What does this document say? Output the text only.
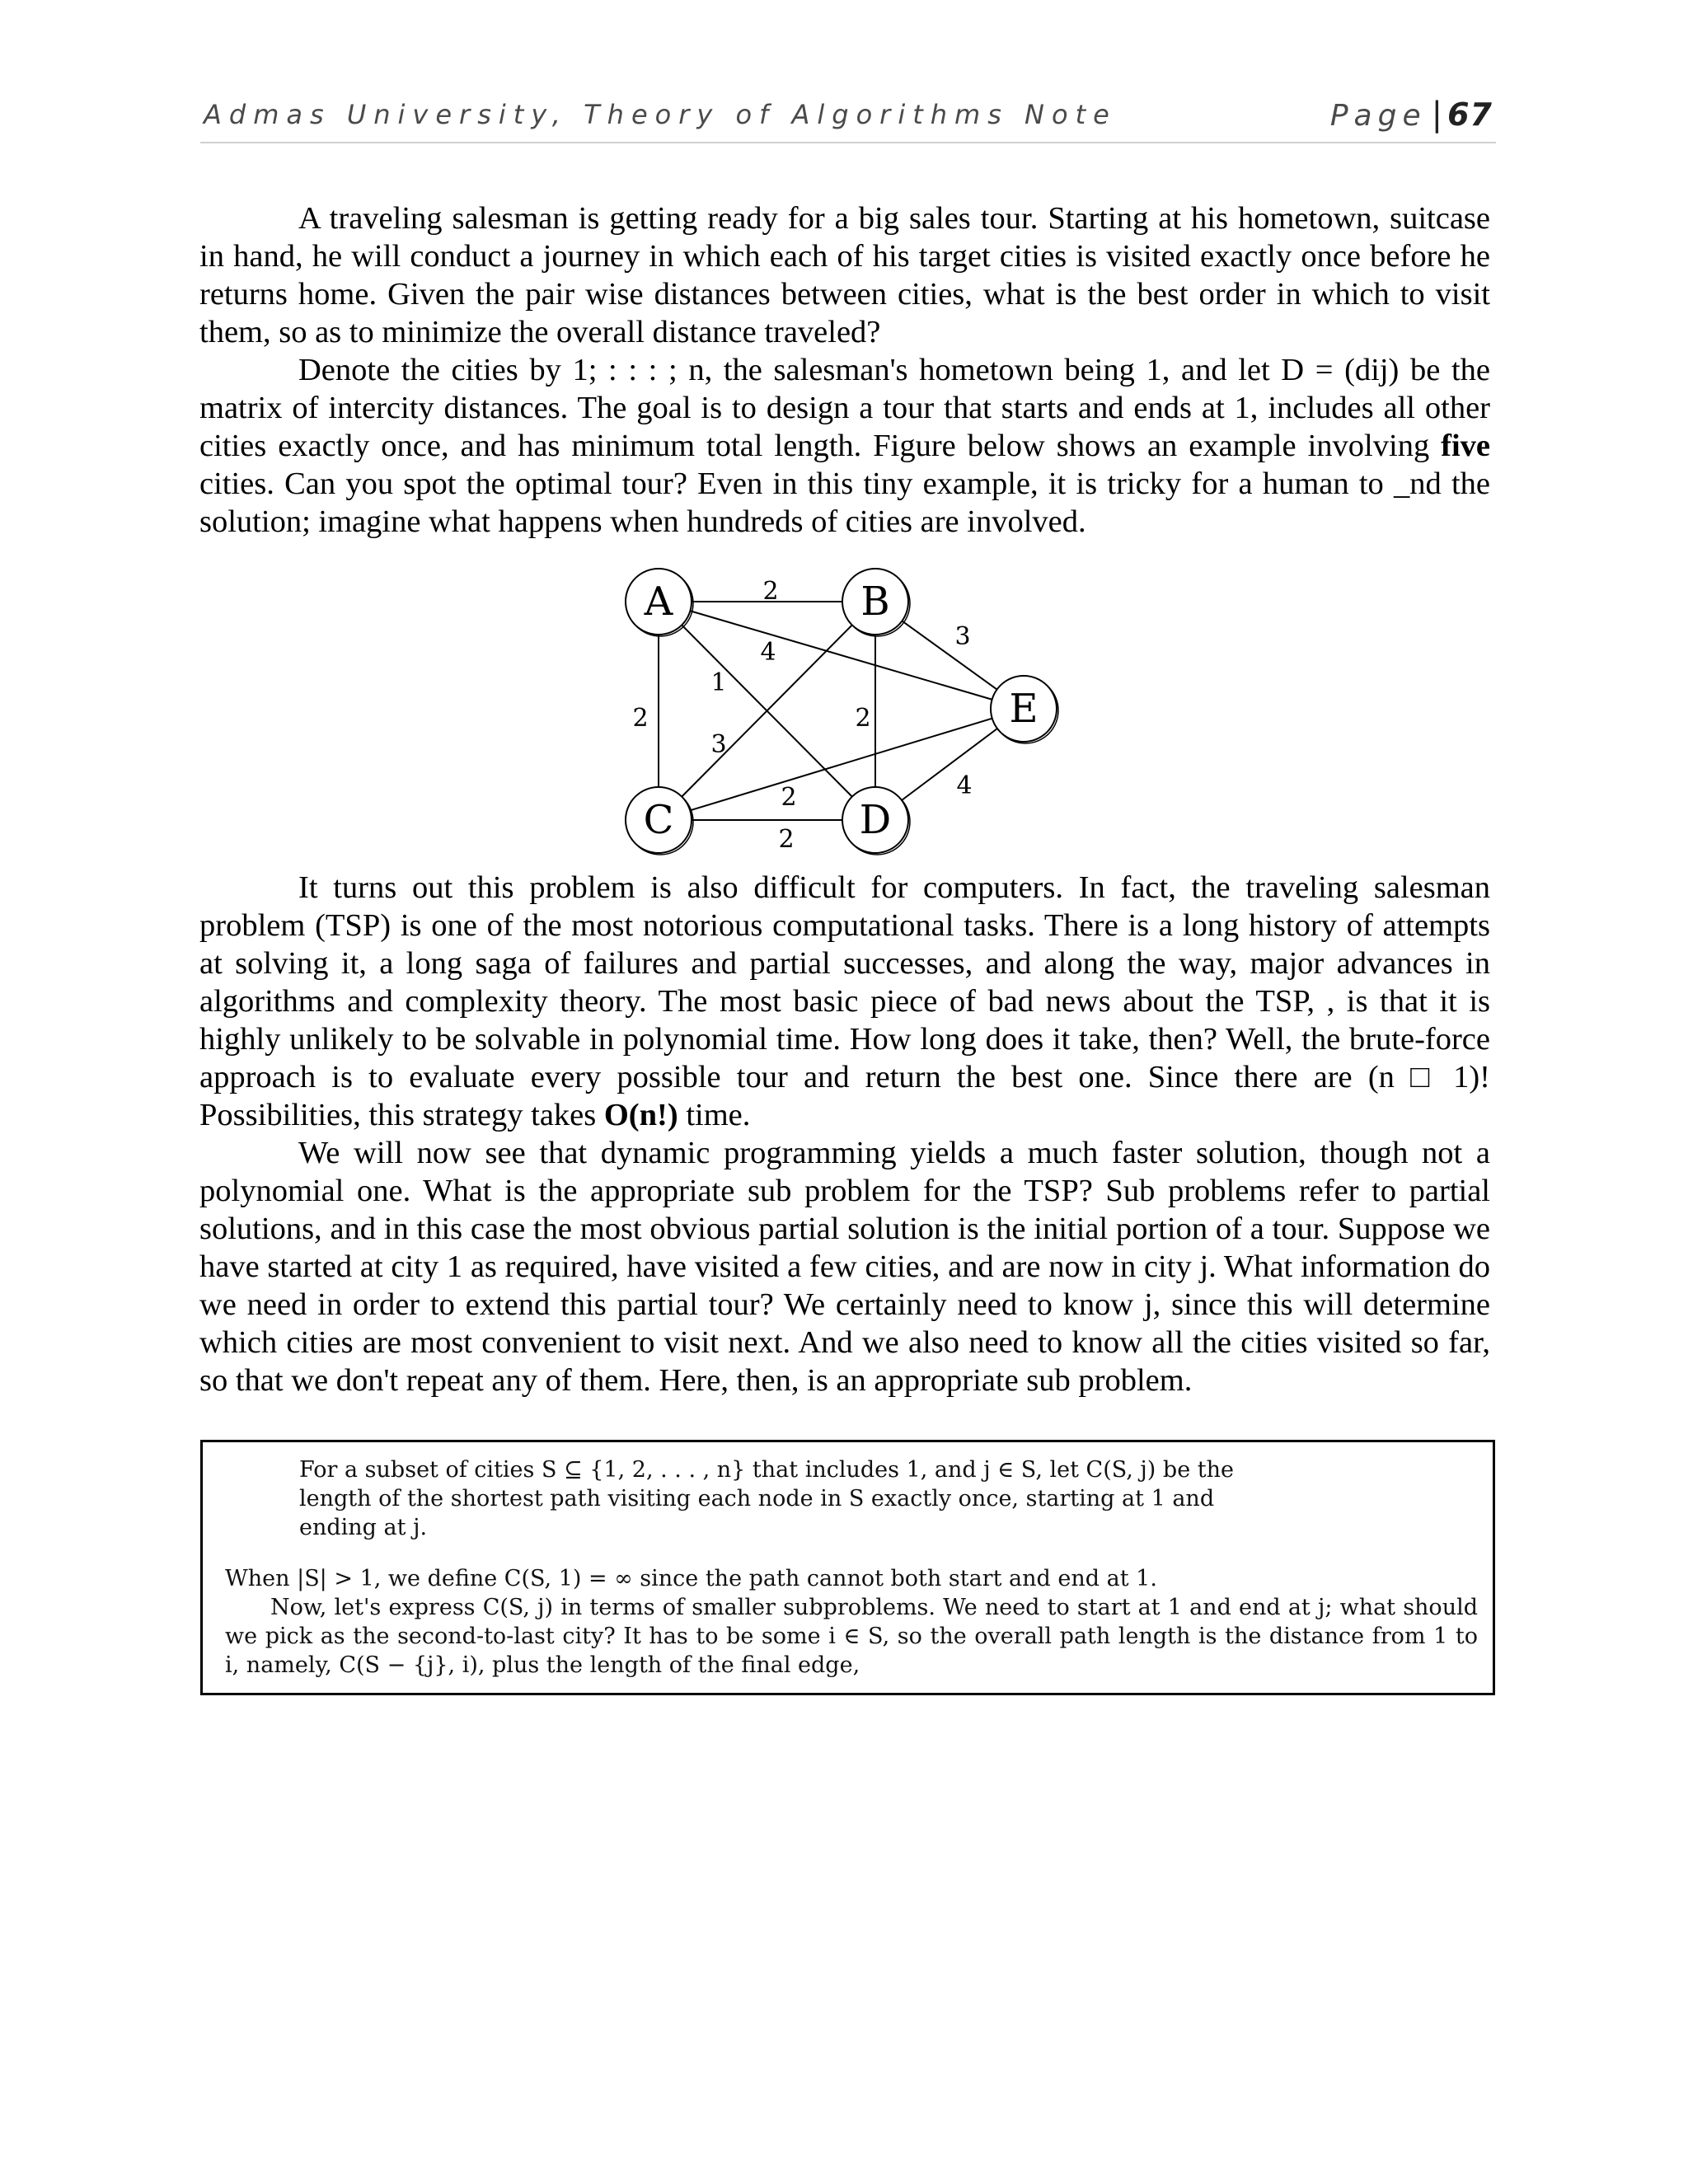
Admas University, Theory of Algorithms Note	Page | 67

A traveling salesman is getting ready for a big sales tour. Starting at his hometown, suitcase in hand, he will conduct a journey in which each of his target cities is visited exactly once before he returns home. Given the pair wise distances between cities, what is the best order in which to visit them, so as to minimize the overall distance traveled?

Denote the cities by 1; : : : ; n, the salesman's hometown being 1, and let D = (dij) be the matrix of intercity distances. The goal is to design a tour that starts and ends at 1, includes all other cities exactly once, and has minimum total length. Figure below shows an example involving five cities. Can you spot the optimal tour? Even in this tiny example, it is tricky for a human to _nd the solution; imagine what happens when hundreds of cities are involved.

2
2
1
4
3
2
3
2
2	4
A	B
C	D
E

It turns out this problem is also difficult for computers. In fact, the traveling salesman problem (TSP) is one of the most notorious computational tasks. There is a long history of attempts at solving it, a long saga of failures and partial successes, and along the way, major advances in algorithms and complexity theory. The most basic piece of bad news about the TSP, , is that it is highly unlikely to be solvable in polynomial time. How long does it take, then? Well, the brute-force approach is to evaluate every possible tour and return the best one. Since there are (n □ 1)! Possibilities, this strategy takes O(n!) time.

We will now see that dynamic programming yields a much faster solution, though not a polynomial one. What is the appropriate sub problem for the TSP? Sub problems refer to partial solutions, and in this case the most obvious partial solution is the initial portion of a tour. Suppose we have started at city 1 as required, have visited a few cities, and are now in city j. What information do we need in order to extend this partial tour? We certainly need to know j, since this will determine which cities are most convenient to visit next. And we also need to know all the cities visited so far, so that we don't repeat any of them. Here, then, is an appropriate sub problem.

For a subset of cities S ⊆ {1, 2, . . . , n} that includes 1, and j ∈ S, let C(S, j) be the

length of the shortest path visiting each node in S exactly once, starting at 1 and

ending at j.

When |S| > 1, we define C(S, 1) = ∞ since the path cannot both start and end at 1.

Now, let's express C(S, j) in terms of smaller subproblems. We need to start at 1 and end at j; what should we pick as the second-to-last city? It has to be some i ∈ S, so the overall path length is the distance from 1 to i, namely, C(S − {j}, i), plus the length of the final edge,
